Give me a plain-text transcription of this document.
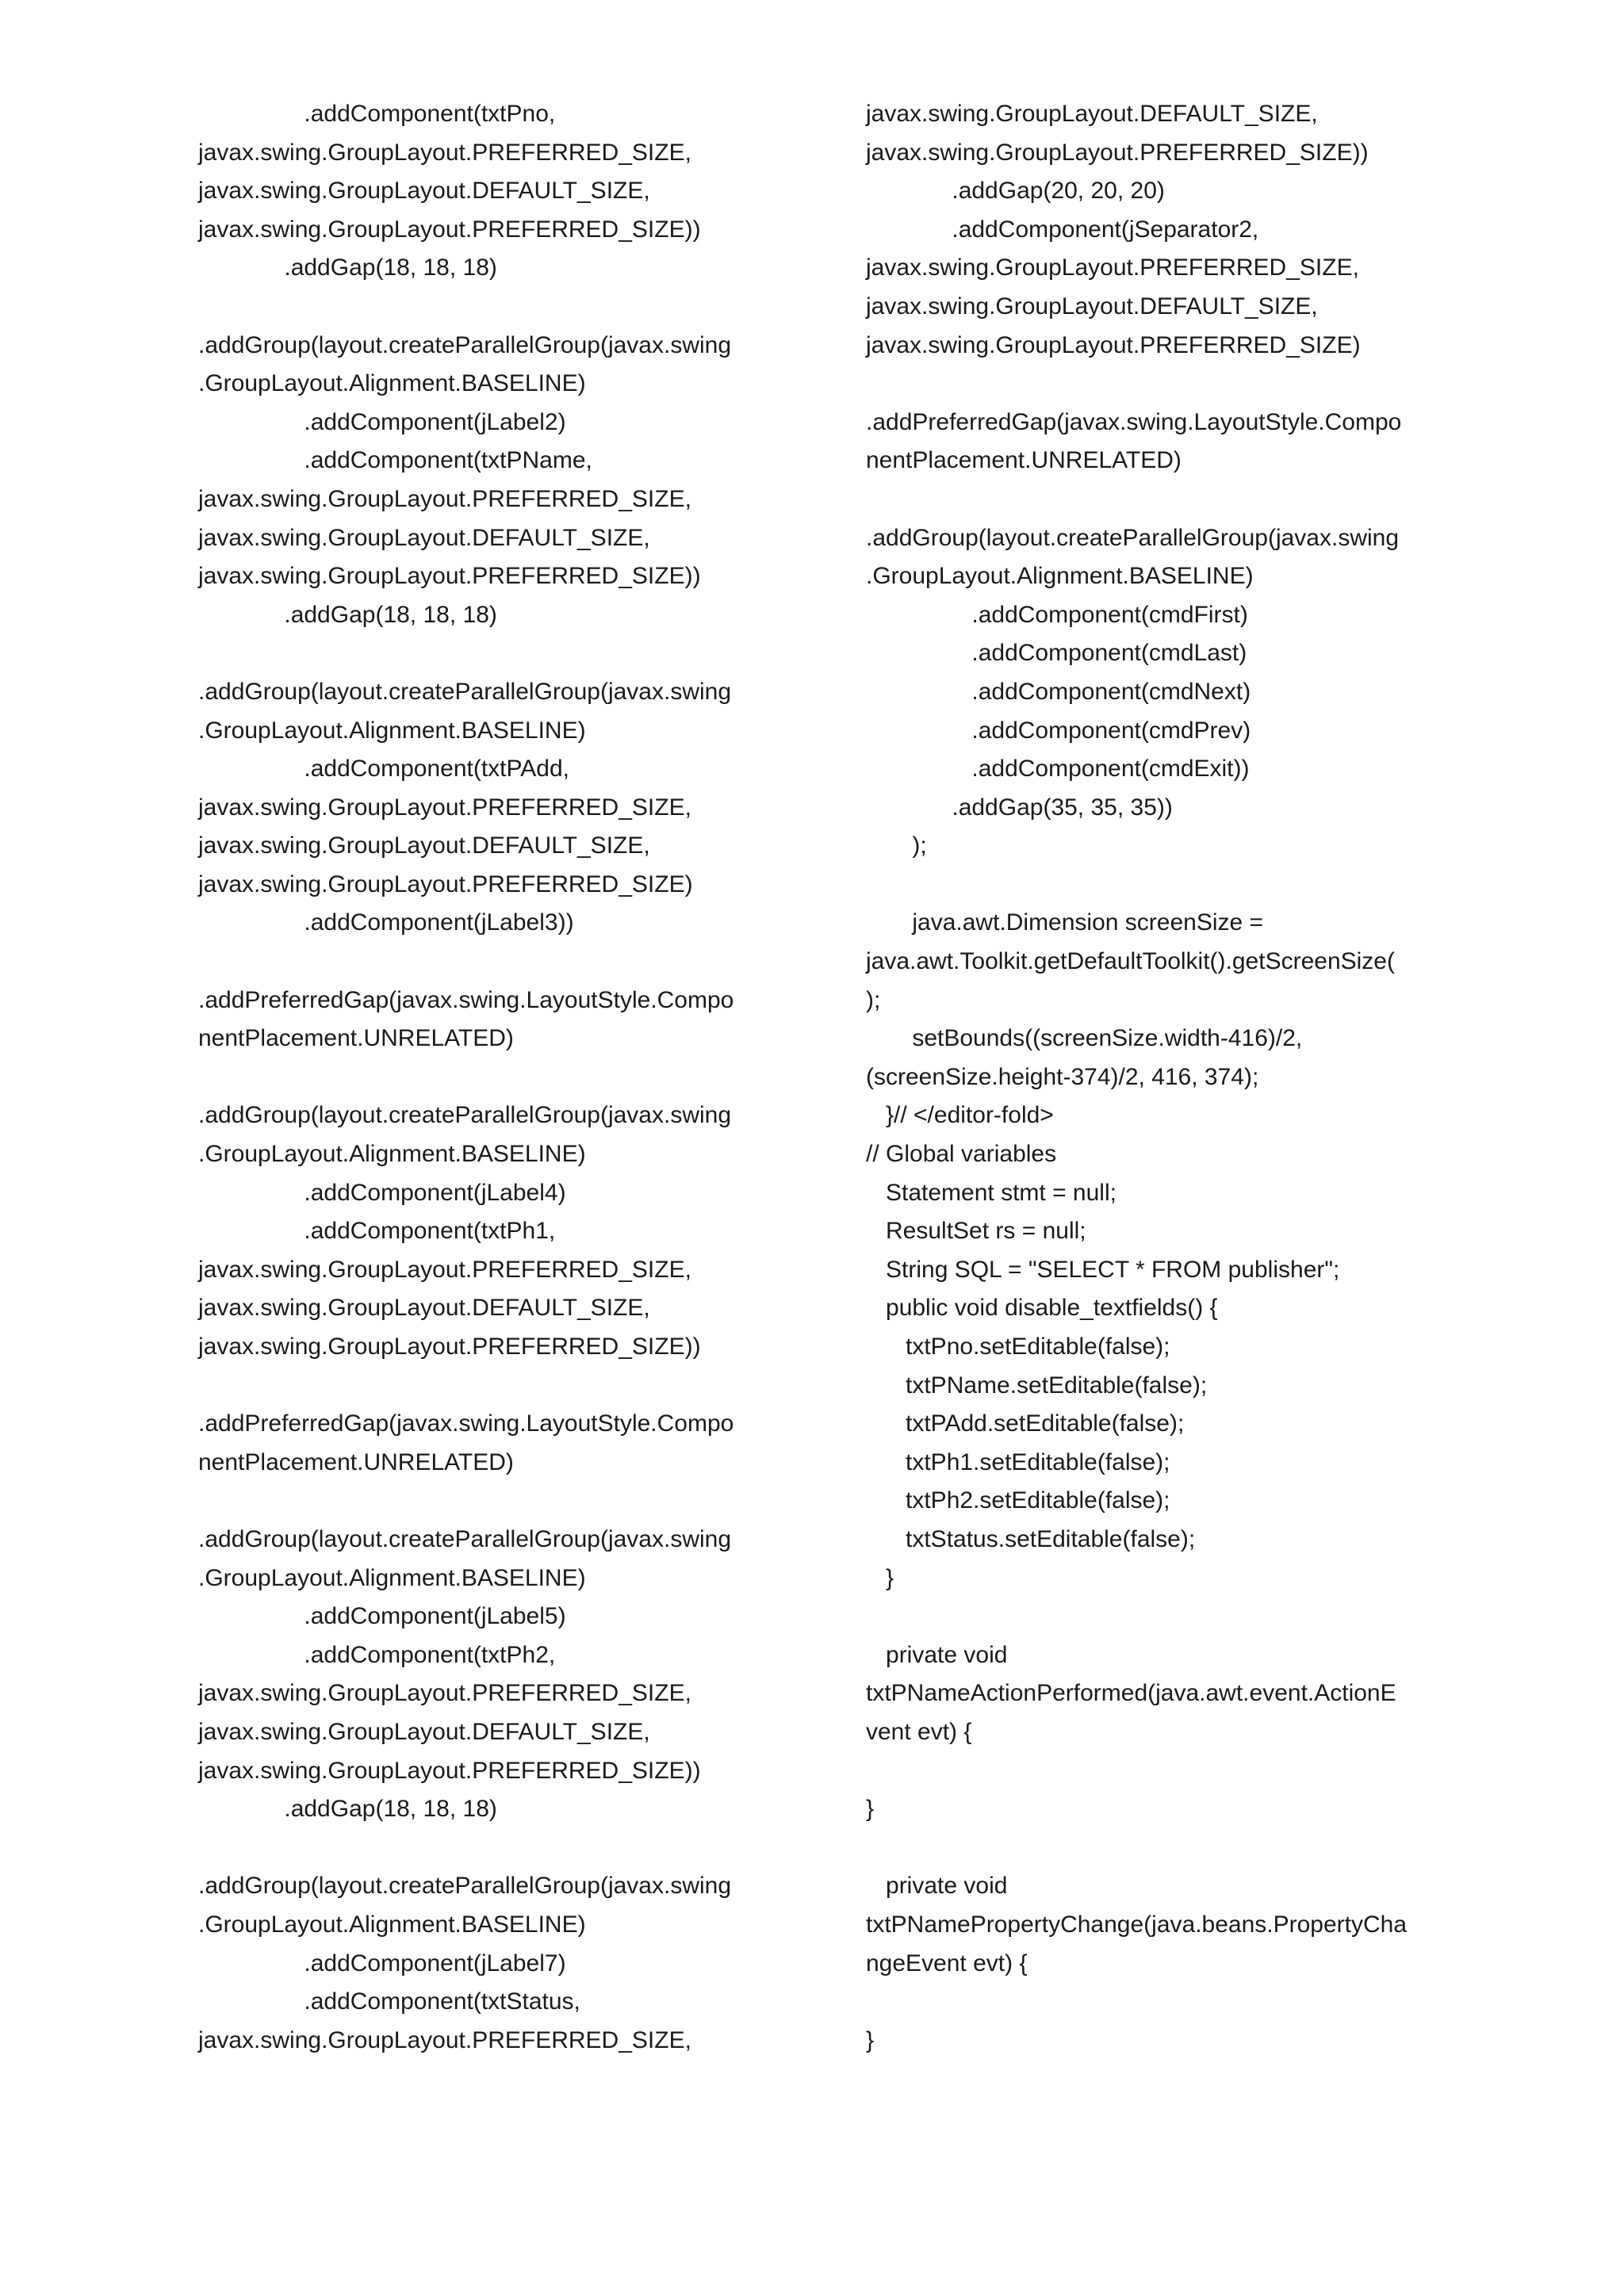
.addComponent(txtPno,
javax.swing.GroupLayout.PREFERRED_SIZE,
javax.swing.GroupLayout.DEFAULT_SIZE,
javax.swing.GroupLayout.PREFERRED_SIZE))
.addGap(18, 18, 18)
.addGroup(layout.createParallelGroup(javax.swing
.GroupLayout.Alignment.BASELINE)
.addComponent(jLabel2)
.addComponent(txtPName,
javax.swing.GroupLayout.PREFERRED_SIZE,
javax.swing.GroupLayout.DEFAULT_SIZE,
javax.swing.GroupLayout.PREFERRED_SIZE))
.addGap(18, 18, 18)
.addGroup(layout.createParallelGroup(javax.swing
.GroupLayout.Alignment.BASELINE)
.addComponent(txtPAdd,
javax.swing.GroupLayout.PREFERRED_SIZE,
javax.swing.GroupLayout.DEFAULT_SIZE,
javax.swing.GroupLayout.PREFERRED_SIZE)
.addComponent(jLabel3))
.addPreferredGap(javax.swing.LayoutStyle.Compo
nentPlacement.UNRELATED)
.addGroup(layout.createParallelGroup(javax.swing
.GroupLayout.Alignment.BASELINE)
.addComponent(jLabel4)
.addComponent(txtPh1,
javax.swing.GroupLayout.PREFERRED_SIZE,
javax.swing.GroupLayout.DEFAULT_SIZE,
javax.swing.GroupLayout.PREFERRED_SIZE))
.addPreferredGap(javax.swing.LayoutStyle.Compo
nentPlacement.UNRELATED)
.addGroup(layout.createParallelGroup(javax.swing
.GroupLayout.Alignment.BASELINE)
.addComponent(jLabel5)
.addComponent(txtPh2,
javax.swing.GroupLayout.PREFERRED_SIZE,
javax.swing.GroupLayout.DEFAULT_SIZE,
javax.swing.GroupLayout.PREFERRED_SIZE))
.addGap(18, 18, 18)
.addGroup(layout.createParallelGroup(javax.swing
.GroupLayout.Alignment.BASELINE)
.addComponent(jLabel7)
.addComponent(txtStatus,
javax.swing.GroupLayout.PREFERRED_SIZE,
javax.swing.GroupLayout.DEFAULT_SIZE,
javax.swing.GroupLayout.PREFERRED_SIZE))
.addGap(20, 20, 20)
.addComponent(jSeparator2,
javax.swing.GroupLayout.PREFERRED_SIZE,
javax.swing.GroupLayout.DEFAULT_SIZE,
javax.swing.GroupLayout.PREFERRED_SIZE)
.addPreferredGap(javax.swing.LayoutStyle.Compo
nentPlacement.UNRELATED)
.addGroup(layout.createParallelGroup(javax.swing
.GroupLayout.Alignment.BASELINE)
.addComponent(cmdFirst)
.addComponent(cmdLast)
.addComponent(cmdNext)
.addComponent(cmdPrev)
.addComponent(cmdExit))
.addGap(35, 35, 35))
);
java.awt.Dimension screenSize =
java.awt.Toolkit.getDefaultToolkit().getScreenSize(
);
setBounds((screenSize.width-416)/2,
(screenSize.height-374)/2, 416, 374);
}// </editor-fold>
// Global variables
Statement stmt = null;
ResultSet rs = null;
String SQL = "SELECT * FROM publisher";
public void disable_textfields() {
txtPno.setEditable(false);
txtPName.setEditable(false);
txtPAdd.setEditable(false);
txtPh1.setEditable(false);
txtPh2.setEditable(false);
txtStatus.setEditable(false);
}
private void
txtPNameActionPerformed(java.awt.event.ActionE
vent evt) {
}
private void
txtPNamePropertyChange(java.beans.PropertyCha
ngeEvent evt) {
}
